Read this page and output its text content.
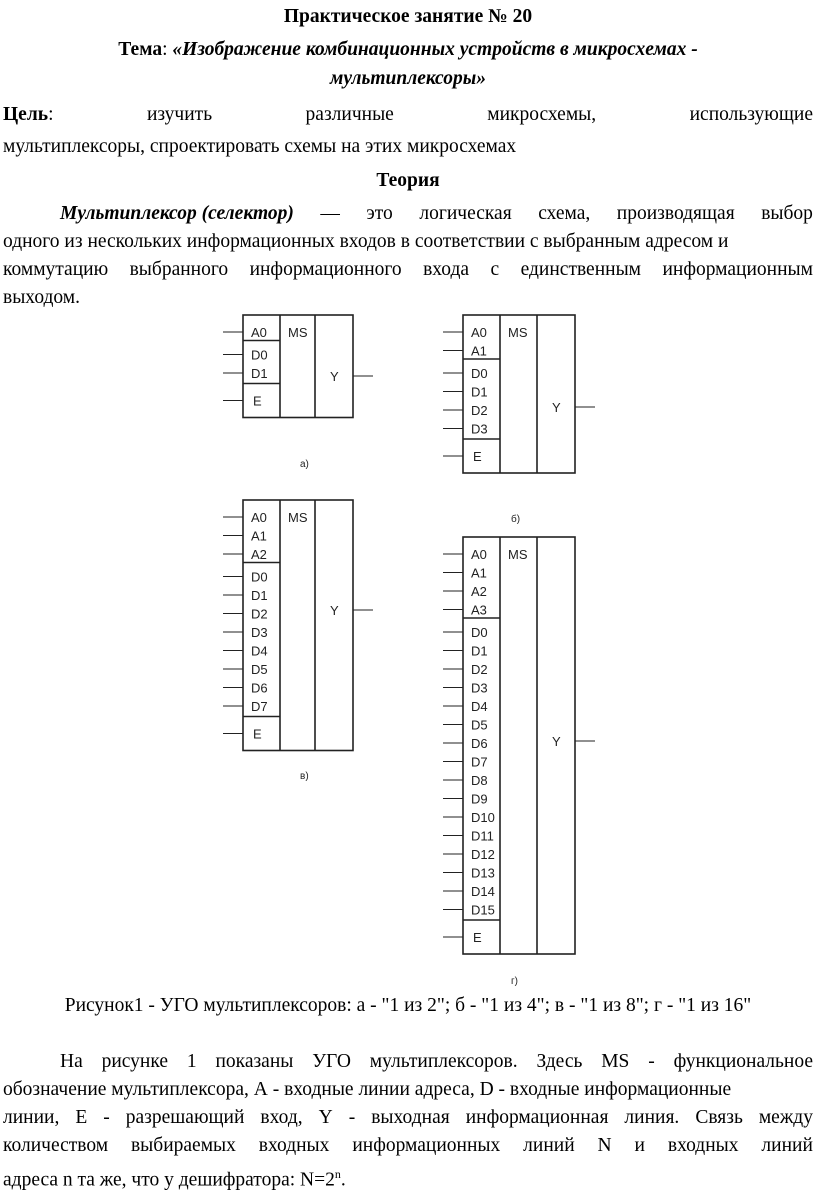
Практическое занятие № 20
Тема: «Изображение комбинационных устройств в микросхемах -
мультиплексоры»
Цель:	изучить	различные	микросхемы,	использующие
мультиплексоры, спроектировать схемы на этих микросхемах
Теория
Мультиплексор (селектор) — это логическая схема, производящая выбор
одного из нескольких информационных входов в соответствии с выбранным адресом и
коммутацию выбранного информационного входа с единственным информационным
выходом.
A0
D0
D1
E
MS
Y
а)
A0
A1
D0
D1
D2
D3
E
MS
Y
б)
A0
A1
A2
D0
D1
D2
D3
D4
D5
D6
D7
E
MS
Y
в)
A0
A1
A2
A3
D0
D1
D2
D3
D4
D5
D6
D7
D8
D9
D10
D11
D12
D13
D14
D15
E
MS
Y
г)
Рисунок1 - УГО мультиплексоров: а - "1 из 2"; б - "1 из 4"; в - "1 из 8"; г - "1 из 16"
На рисунке 1 показаны УГО мультиплексоров. Здесь MS - функциональное
обозначение мультиплексора, А - входные линии адреса, D - входные информационные
линии, Е - разрешающий вход, Y - выходная информационная линия. Связь между
количеством выбираемых входных информационных линий N и входных линий
адреса n та же, что у дешифратора: $N=2^n$.
